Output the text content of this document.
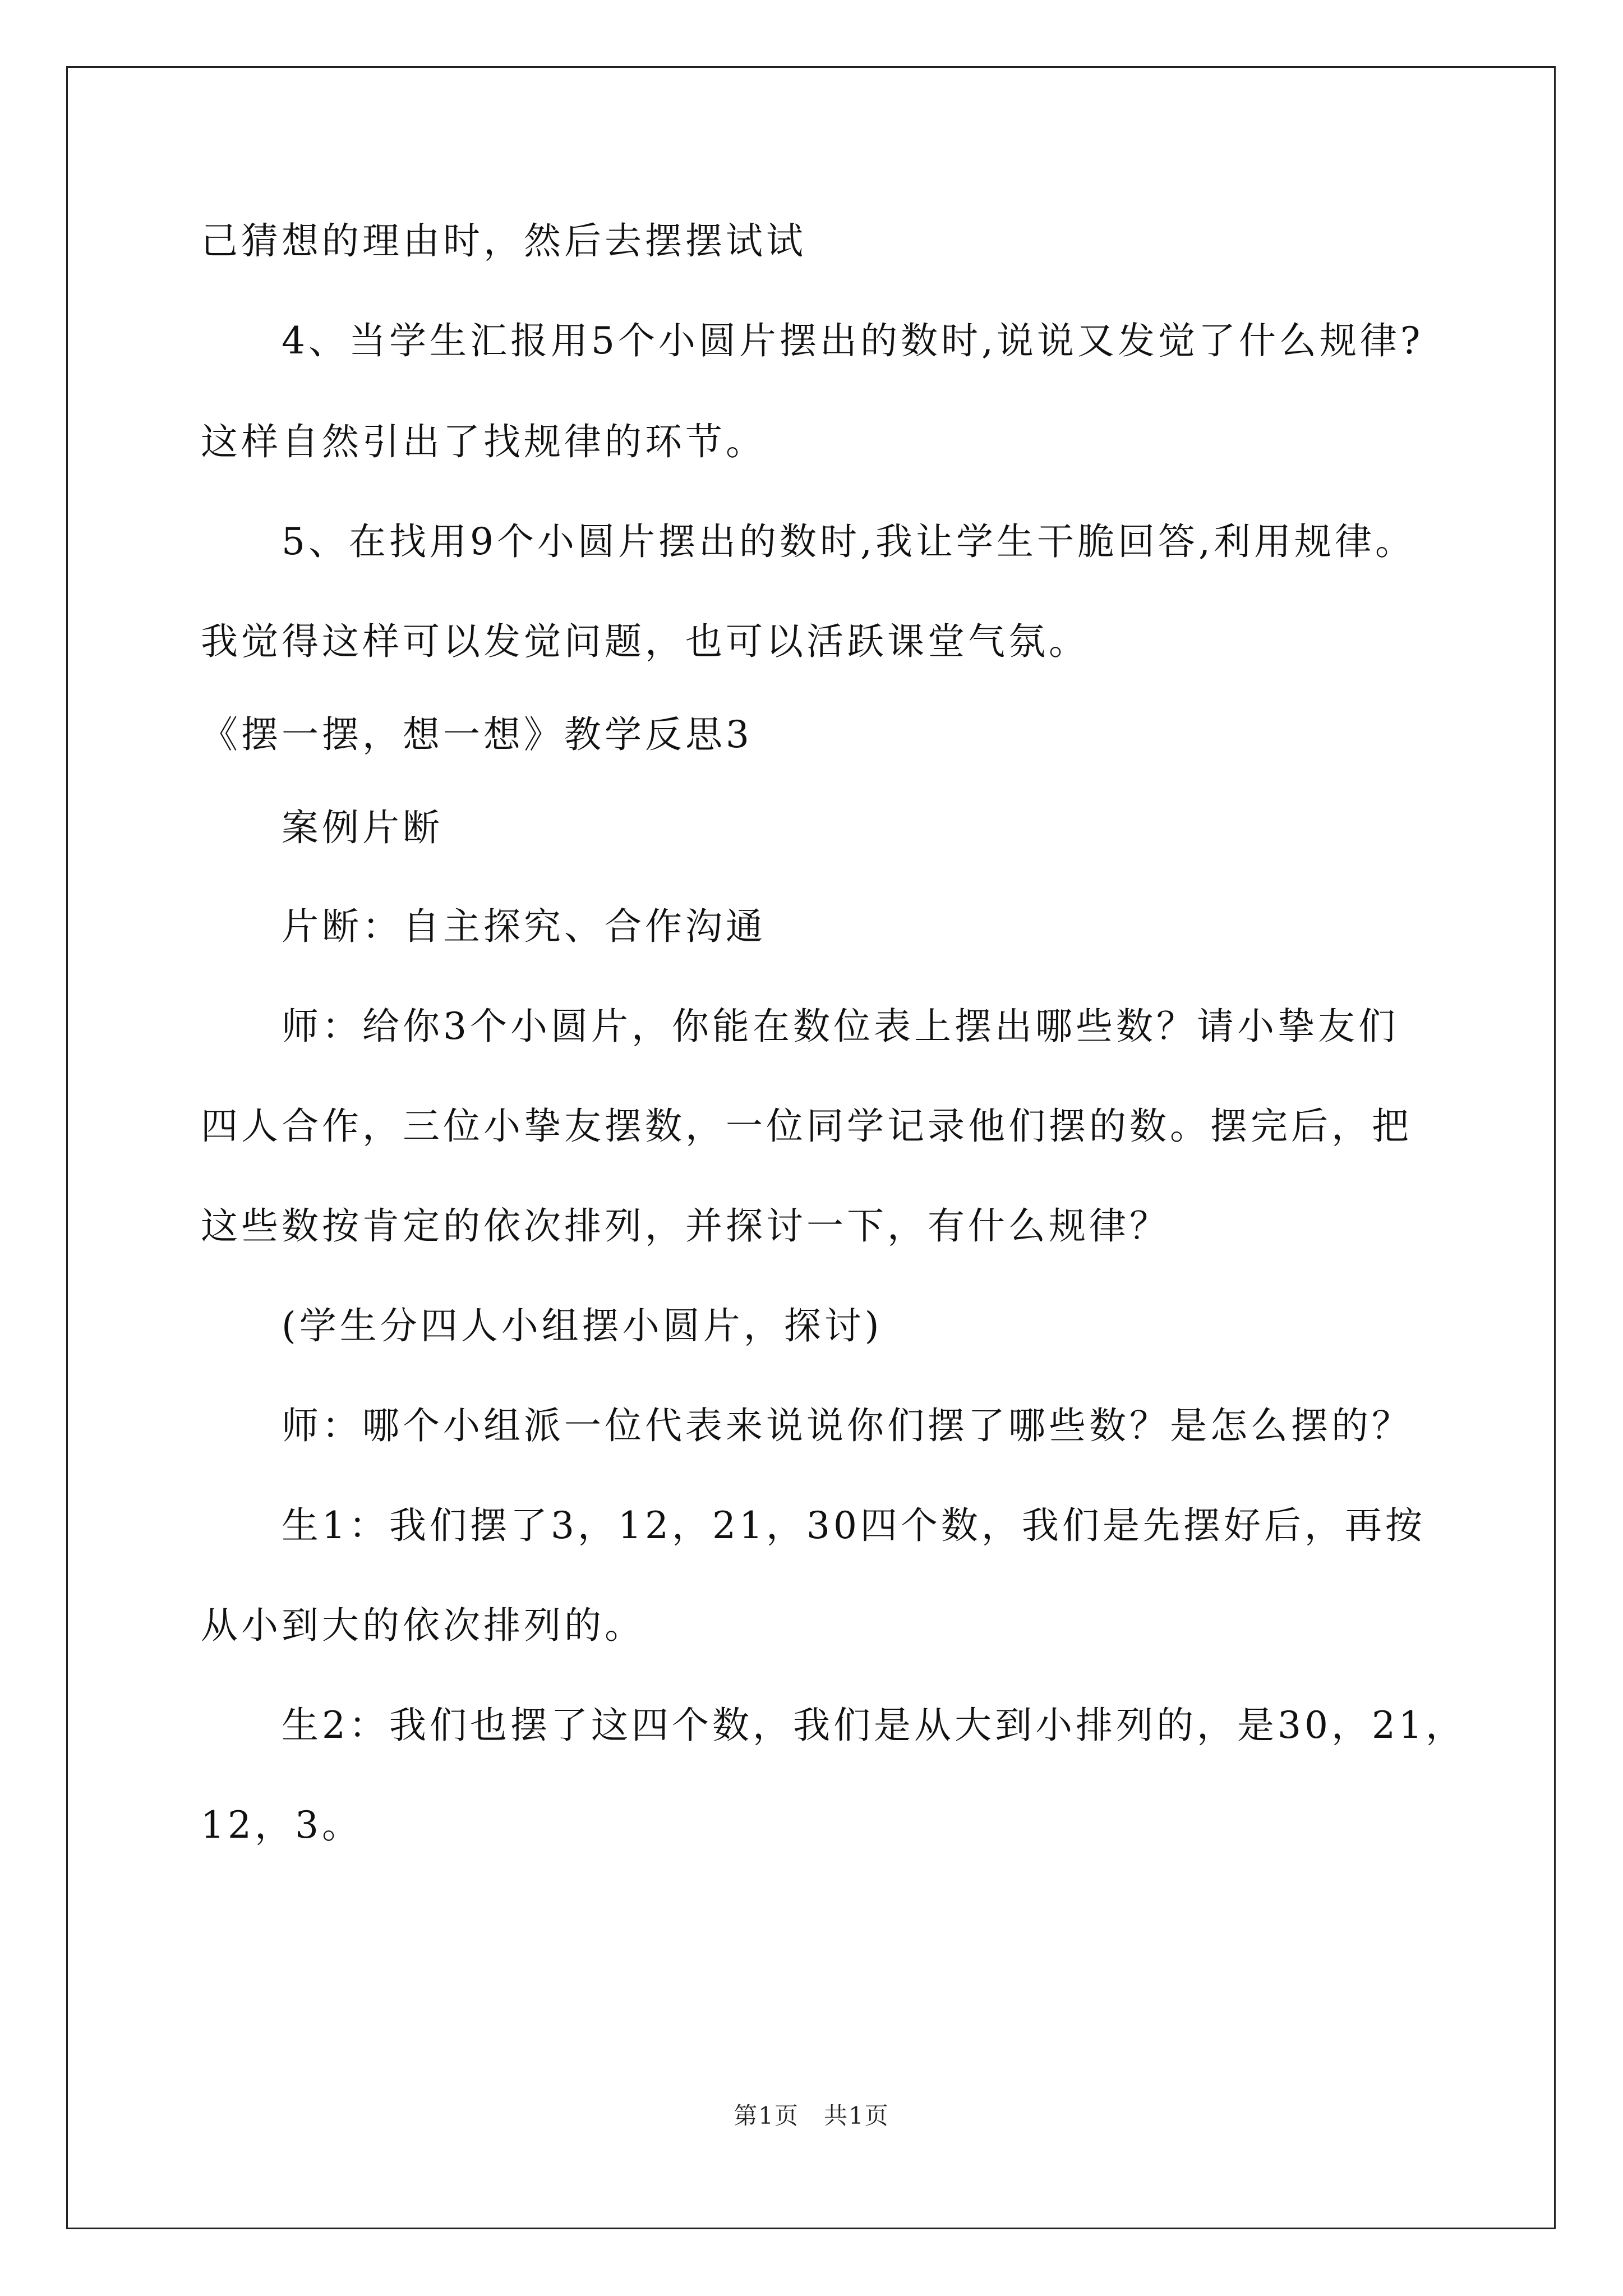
己猜想的理由时，然后去摆摆试试
4、当学生汇报用5个小圆片摆出的数时,说说又发觉了什么规律?
这样自然引出了找规律的环节。
5、在找用9个小圆片摆出的数时,我让学生干脆回答,利用规律。
我觉得这样可以发觉问题，也可以活跃课堂气氛。
《摆一摆，想一想》教学反思3
案例片断
片断：自主探究、合作沟通
师：给你3个小圆片，你能在数位表上摆出哪些数？请小挚友们
四人合作，三位小挚友摆数，一位同学记录他们摆的数。摆完后，把
这些数按肯定的依次排列，并探讨一下，有什么规律？
(学生分四人小组摆小圆片，探讨)
师：哪个小组派一位代表来说说你们摆了哪些数？是怎么摆的？
生1：我们摆了3，12，21，30四个数，我们是先摆好后，再按
从小到大的依次排列的。
生2：我们也摆了这四个数，我们是从大到小排列的，是30，21，
12，3。
第1页　共1页
